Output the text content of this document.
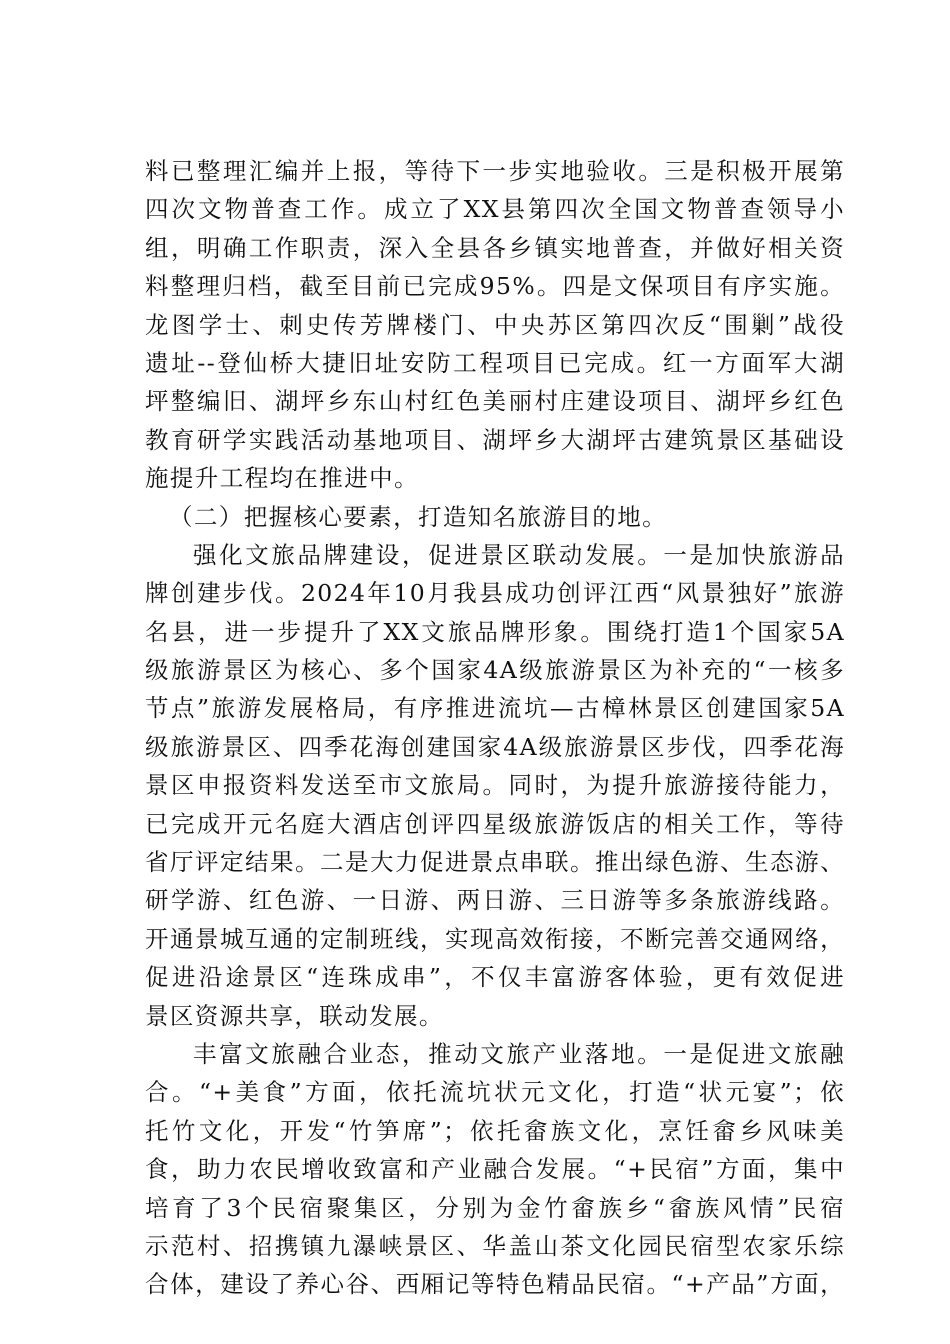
料已整理汇编并上报，等待下一步实地验收。三是积极开展第
四次文物普查工作。成立了XX县第四次全国文物普查领导小
组，明确工作职责，深入全县各乡镇实地普查，并做好相关资
料整理归档，截至目前已完成95%。四是文保项目有序实施。
龙图学士、刺史传芳牌楼门、中央苏区第四次反“围剿”战役
遗址--登仙桥大捷旧址安防工程项目已完成。红一方面军大湖
坪整编旧、湖坪乡东山村红色美丽村庄建设项目、湖坪乡红色
教育研学实践活动基地项目、湖坪乡大湖坪古建筑景区基础设
施提升工程均在推进中。
（二）把握核心要素，打造知名旅游目的地。
强化文旅品牌建设，促进景区联动发展。一是加快旅游品
牌创建步伐。2024年10月我县成功创评江西“风景独好”旅游
名县，进一步提升了XX文旅品牌形象。围绕打造1个国家5A
级旅游景区为核心、多个国家4A级旅游景区为补充的“一核多
节点”旅游发展格局，有序推进流坑—古樟林景区创建国家5A
级旅游景区、四季花海创建国家4A级旅游景区步伐，四季花海
景区申报资料发送至市文旅局。同时，为提升旅游接待能力，
已完成开元名庭大酒店创评四星级旅游饭店的相关工作，等待
省厅评定结果。二是大力促进景点串联。推出绿色游、生态游、
研学游、红色游、一日游、两日游、三日游等多条旅游线路。
开通景城互通的定制班线，实现高效衔接，不断完善交通网络，
促进沿途景区“连珠成串”，不仅丰富游客体验，更有效促进
景区资源共享，联动发展。
丰富文旅融合业态，推动文旅产业落地。一是促进文旅融
合。“+美食”方面，依托流坑状元文化，打造“状元宴”；依
托竹文化，开发“竹笋席”；依托畲族文化，烹饪畲乡风味美
食，助力农民增收致富和产业融合发展。“+民宿”方面，集中
培育了3个民宿聚集区，分别为金竹畲族乡“畲族风情”民宿
示范村、招携镇九瀑峡景区、华盖山茶文化园民宿型农家乐综
合体，建设了养心谷、西厢记等特色精品民宿。“+产品”方面，
